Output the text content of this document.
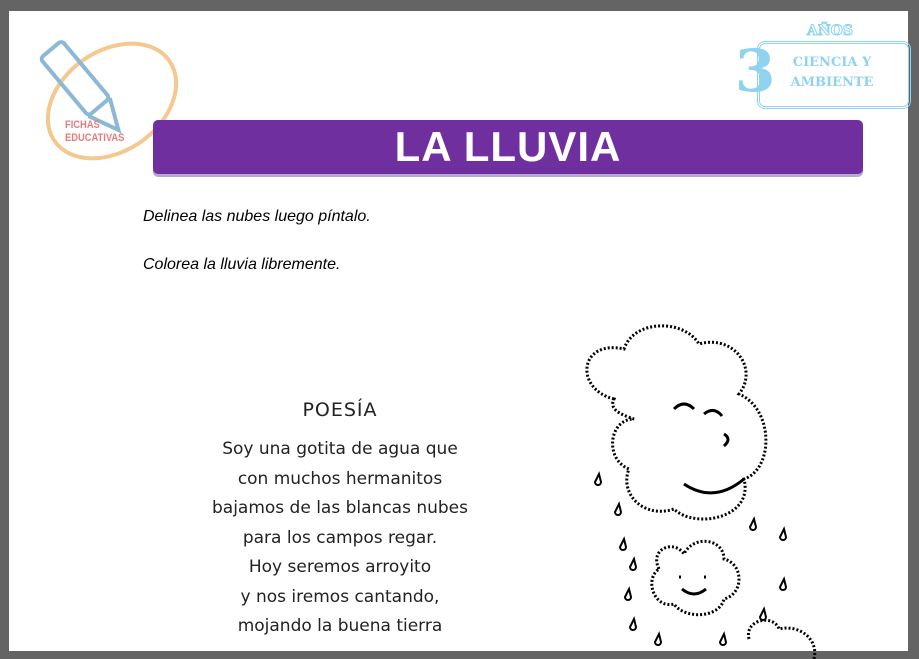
FICHAS
EDUCATIVAS
3
AÑOS
CIENCIA Y
AMBIENTE
LA LLUVIA
Delinea las nubes luego píntalo.
Colorea la lluvia libremente.
POESÍA
Soy una gotita de agua que
con muchos hermanitos
bajamos de las blancas nubes
para los campos regar.
Hoy seremos arroyito
y nos iremos cantando,
mojando la buena tierra
